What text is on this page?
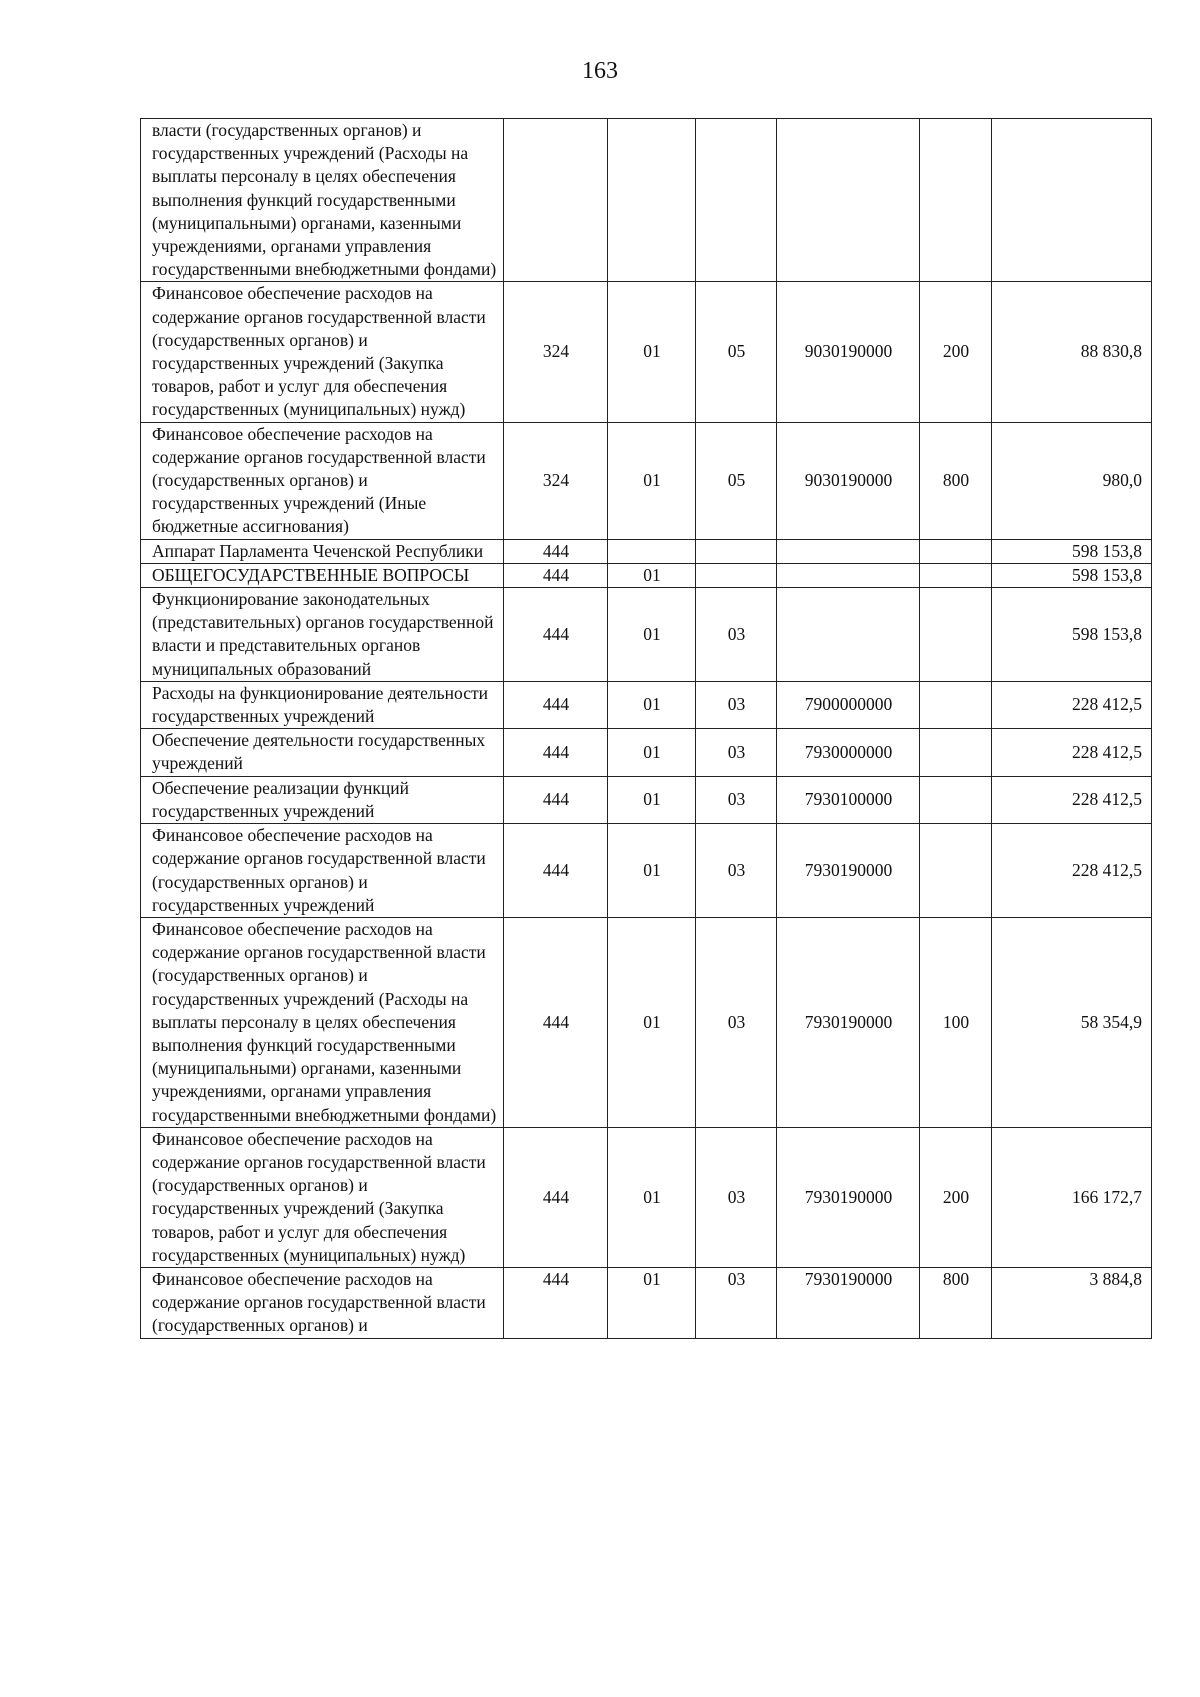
163
власти (государственных органов) и государственных учреждений (Расходы на выплаты персоналу в целях обеспечения выполнения функций государственными (муниципальными) органами, казенными учреждениями, органами управления государственными внебюджетными фондами)						
Финансовое обеспечение расходов на содержание органов государственной власти (государственных органов) и государственных учреждений (Закупка товаров, работ и услуг для обеспечения государственных (муниципальных) нужд)	324	01	05	9030190000	200	88 830,8
Финансовое обеспечение расходов на содержание органов государственной власти (государственных органов) и государственных учреждений (Иные бюджетные ассигнования)	324	01	05	9030190000	800	980,0
Аппарат Парламента Чеченской Республики	444					598 153,8
ОБЩЕГОСУДАРСТВЕННЫЕ ВОПРОСЫ	444	01				598 153,8
Функционирование законодательных (представительных) органов государственной власти и представительных органов муниципальных образований	444	01	03			598 153,8
Расходы на функционирование деятельности государственных учреждений	444	01	03	7900000000		228 412,5
Обеспечение деятельности государственных учреждений	444	01	03	7930000000		228 412,5
Обеспечение реализации функций государственных учреждений	444	01	03	7930100000		228 412,5
Финансовое обеспечение расходов на содержание органов государственной власти (государственных органов) и государственных учреждений	444	01	03	7930190000		228 412,5
Финансовое обеспечение расходов на содержание органов государственной власти (государственных органов) и государственных учреждений (Расходы на выплаты персоналу в целях обеспечения выполнения функций государственными (муниципальными) органами, казенными учреждениями, органами управления государственными внебюджетными фондами)	444	01	03	7930190000	100	58 354,9
Финансовое обеспечение расходов на содержание органов государственной власти (государственных органов) и государственных учреждений (Закупка товаров, работ и услуг для обеспечения государственных (муниципальных) нужд)	444	01	03	7930190000	200	166 172,7
Финансовое обеспечение расходов на содержание органов государственной власти (государственных органов) и	444	01	03	7930190000	800	3 884,8
